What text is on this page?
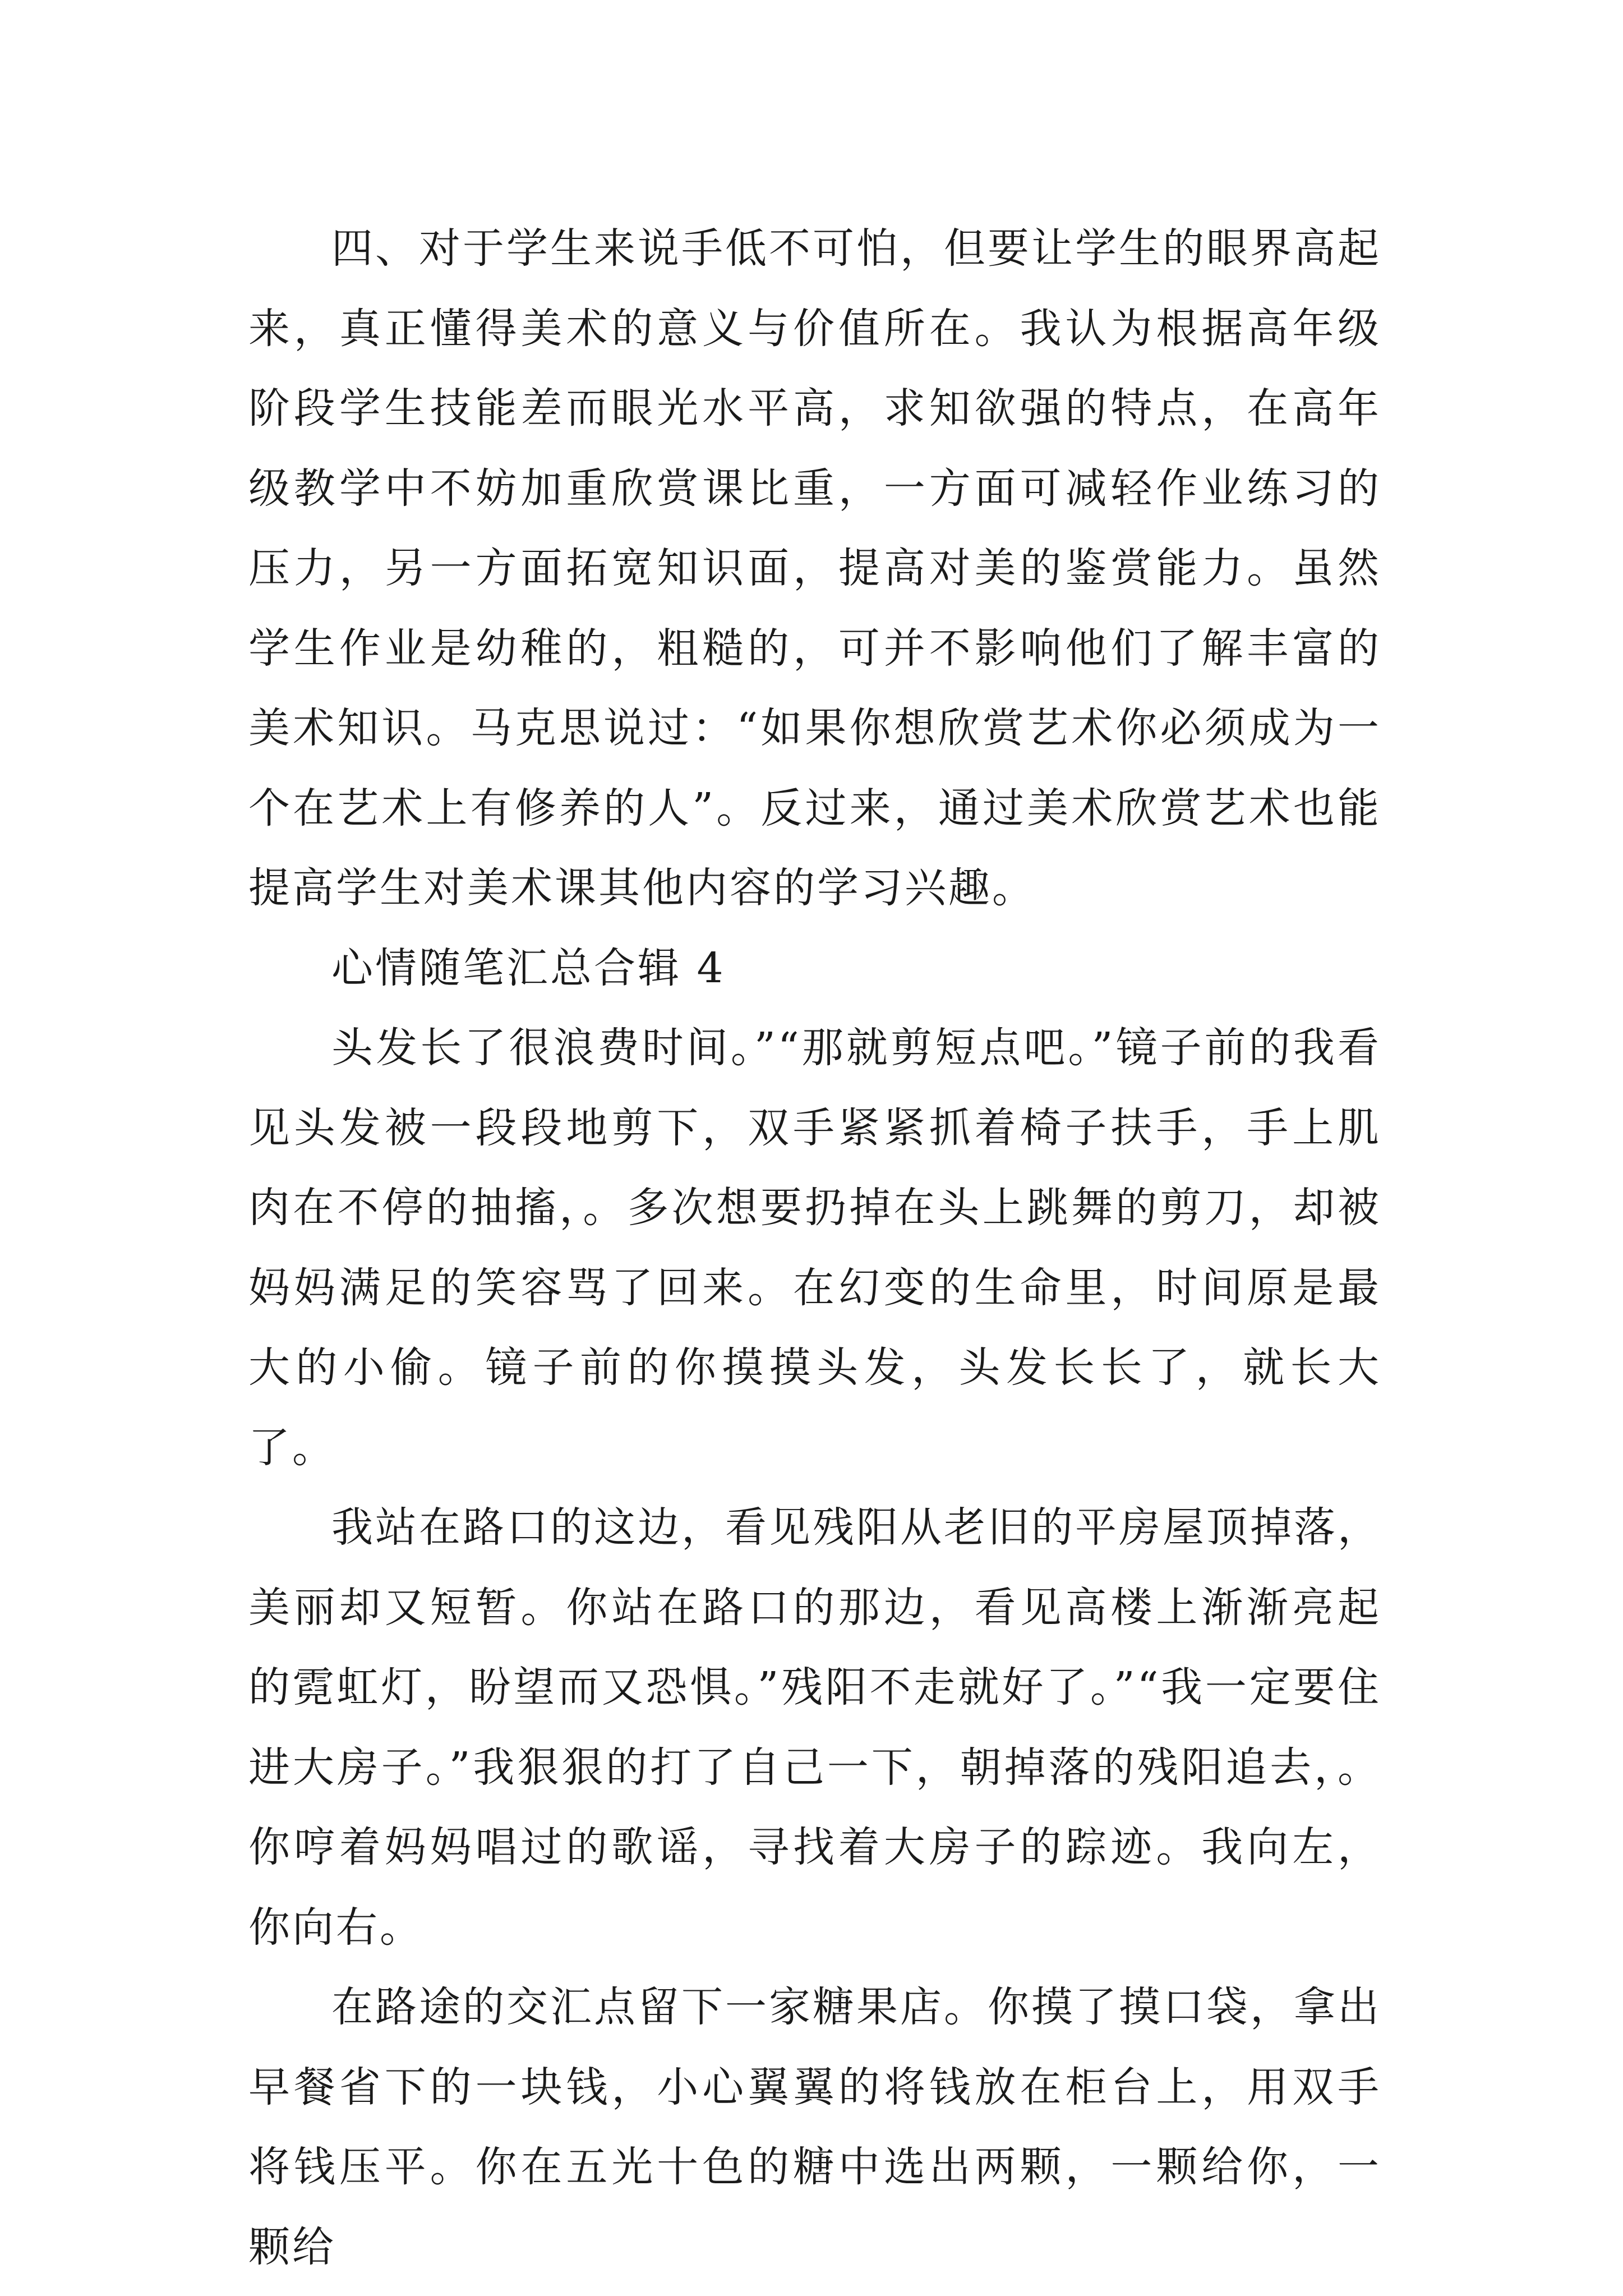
四、对于学生来说手低不可怕，但要让学生的眼界高起来，真正懂得美术的意义与价值所在。我认为根据高年级阶段学生技能差而眼光水平高，求知欲强的特点，在高年级教学中不妨加重欣赏课比重，一方面可减轻作业练习的压力，另一方面拓宽知识面，提高对美的鉴赏能力。虽然学生作业是幼稚的，粗糙的，可并不影响他们了解丰富的美术知识。马克思说过：“如果你想欣赏艺术你必须成为一个在艺术上有修养的人”。反过来，通过美术欣赏艺术也能提高学生对美术课其他内容的学习兴趣。

心情随笔汇总合辑 4

头发长了很浪费时间。”“那就剪短点吧。”镜子前的我看见头发被一段段地剪下，双手紧紧抓着椅子扶手，手上肌肉在不停的抽搐，。多次想要扔掉在头上跳舞的剪刀，却被妈妈满足的笑容骂了回来。在幻变的生命里，时间原是最大的小偷。镜子前的你摸摸头发，头发长长了，就长大了。

我站在路口的这边，看见残阳从老旧的平房屋顶掉落，美丽却又短暂。你站在路口的那边，看见高楼上渐渐亮起的霓虹灯，盼望而又恐惧。”残阳不走就好了。”“我一定要住进大房子。”我狠狠的打了自己一下，朝掉落的残阳追去，。你哼着妈妈唱过的歌谣，寻找着大房子的踪迹。我向左，你向右。

在路途的交汇点留下一家糖果店。你摸了摸口袋，拿出早餐省下的一块钱，小心翼翼的将钱放在柜台上，用双手将钱压平。你在五光十色的糖中选出两颗，一颗给你，一颗给
